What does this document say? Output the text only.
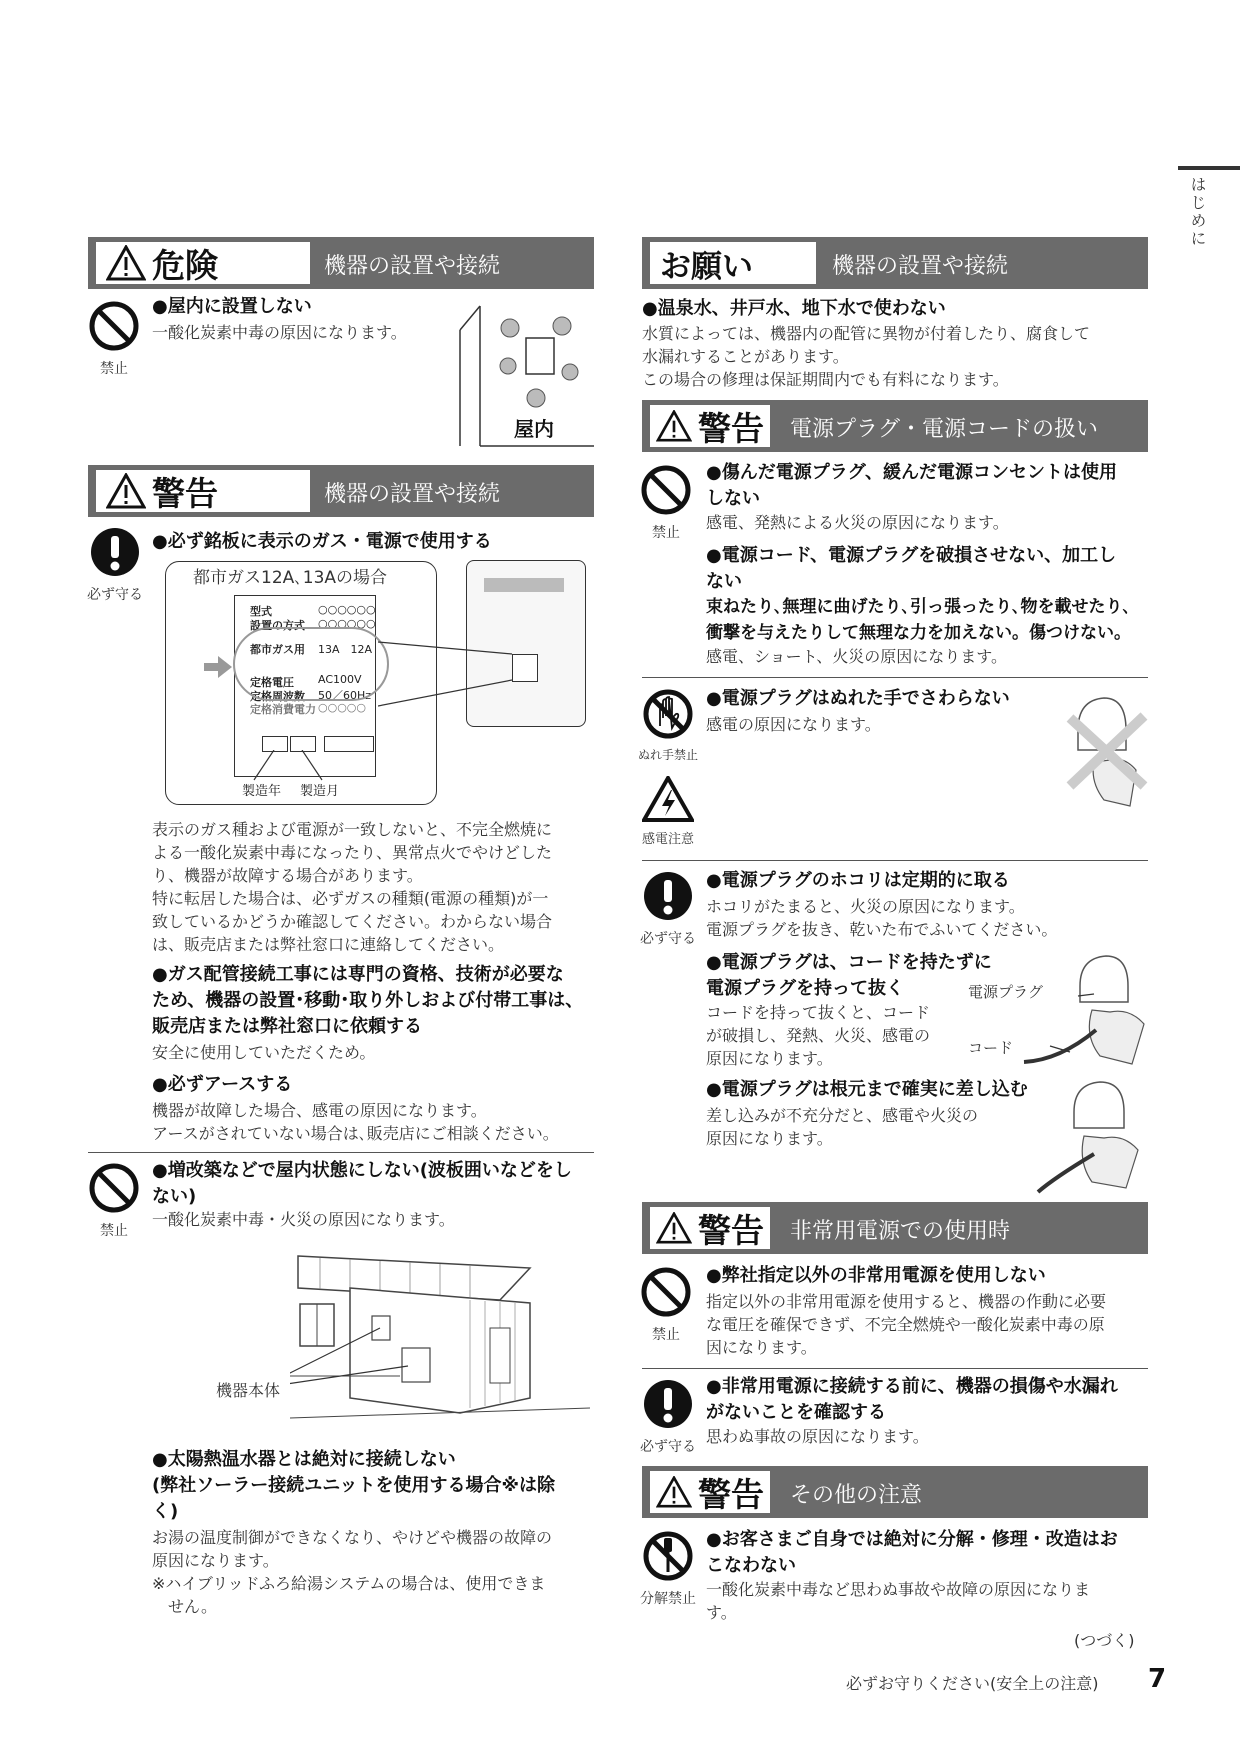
はじめに
危険	機器の設置や接続
禁止
●屋内に設置しない
一酸化炭素中毒の原因になります。
屋内
警告	機器の設置や接続
必ず守る
●必ず銘板に表示のガス・電源で使用する
都市ガス12A､13Aの場合
型式	○○○○○○
設置の方式 ○○○○○○
都市ガス用 13A　12A
定格電圧 AC100V
定格周波数 50／60Hz
定格消費電力 ○○○○○
製造年 製造月
表示のガス種および電源が一致しないと、不完全燃焼に
よる一酸化炭素中毒になったり、異常点火でやけどした
り、機器が故障する場合があります。
特に転居した場合は、必ずガスの種類(電源の種類)が一
致しているかどうか確認してください。わからない場合
は、販売店または弊社窓口に連絡してください。
●ガス配管接続工事には専門の資格、技術が必要な
ため、機器の設置･移動･取り外しおよび付帯工事は、
販売店または弊社窓口に依頼する
安全に使用していただくため。
●必ずアースする
機器が故障した場合、感電の原因になります。
アースがされていない場合は､販売店にご相談ください。
禁止
●増改築などで屋内状態にしない(波板囲いなどをし
ない)
一酸化炭素中毒・火災の原因になります。
機器本体
●太陽熱温水器とは絶対に接続しない
(弊社ソーラー接続ユニットを使用する場合※は除
く)
お湯の温度制御ができなくなり、やけどや機器の故障の
原因になります。
※ハイブリッドふろ給湯システムの場合は、使用できま
　せん。
お願い	機器の設置や接続
●温泉水、井戸水、地下水で使わない
水質によっては、機器内の配管に異物が付着したり、腐食して
水漏れすることがあります。
この場合の修理は保証期間内でも有料になります。
警告 電源プラグ・電源コードの扱い
禁止
●傷んだ電源プラグ、緩んだ電源コンセントは使用
しない
感電、発熱による火災の原因になります。
●電源コード、電源プラグを破損させない、加工し
ない
束ねたり､無理に曲げたり､引っ張ったり､物を載せたり､
衝撃を与えたりして無理な力を加えない。傷つけない。
感電、ショート、火災の原因になります。
ぬれ手禁止
感電注意
●電源プラグはぬれた手でさわらない
感電の原因になります。
必ず守る
●電源プラグのホコリは定期的に取る
ホコリがたまると、火災の原因になります。
電源プラグを抜き、乾いた布でふいてください。
●電源プラグは、コードを持たずに
電源プラグを持って抜く
コードを持って抜くと、コード
が破損し、発熱、火災、感電の
原因になります。
電源プラグ
コード
●電源プラグは根元まで確実に差し込む
差し込みが不充分だと、感電や火災の
原因になります。
警告 非常用電源での使用時
禁止
●弊社指定以外の非常用電源を使用しない
指定以外の非常用電源を使用すると、機器の作動に必要
な電圧を確保できず、不完全燃焼や一酸化炭素中毒の原
因になります。
必ず守る
●非常用電源に接続する前に、機器の損傷や水漏れ
がないことを確認する
思わぬ事故の原因になります。
警告 その他の注意
分解禁止
●お客さまご自身では絶対に分解・修理・改造はお
こなわない
一酸化炭素中毒など思わぬ事故や故障の原因になりま
す。
(つづく)
必ずお守りください(安全上の注意) 7
